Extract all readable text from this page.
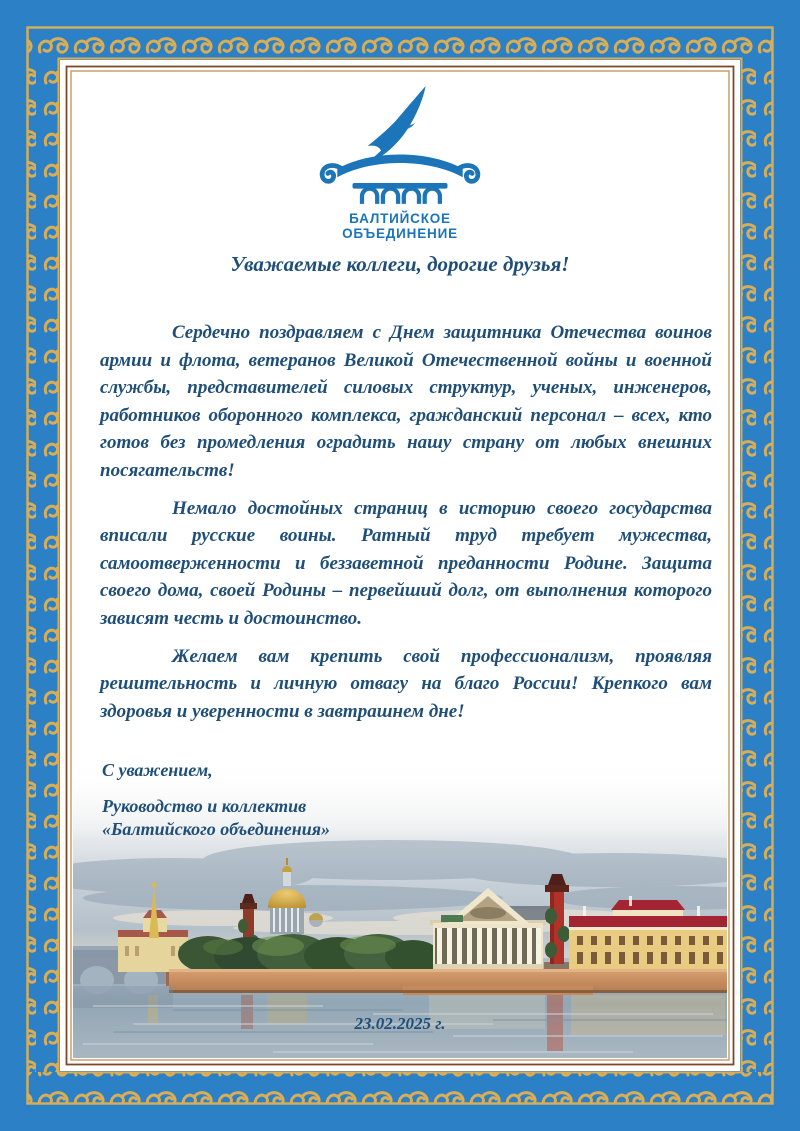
БАЛТИЙСКОЕ
ОБЪЕДИНЕНИЕ
Уважаемые коллеги, дорогие друзья!

Сердечно поздравляем с Днем защитника Отечества воинов армии и флота, ветеранов Великой Отечественной войны и военной службы, представителей силовых структур, ученых, инженеров, работников оборонного комплекса, гражданский персонал – всех, кто готов без промедления оградить нашу страну от любых внешних посягательств!

Немало достойных страниц в историю своего государства вписали русские воины. Ратный труд требует мужества, самоотверженности и беззаветной преданности Родине. Защита своего дома, своей Родины – первейший долг, от выполнения которого зависят честь и достоинство.

Желаем вам крепить свой профессионализм, проявляя решительность и личную отвагу на благо России! Крепкого вам здоровья и уверенности в завтрашнем дне!

С уважением,
Руководство и коллектив
«Балтийского объединения»
23.02.2025 г.
